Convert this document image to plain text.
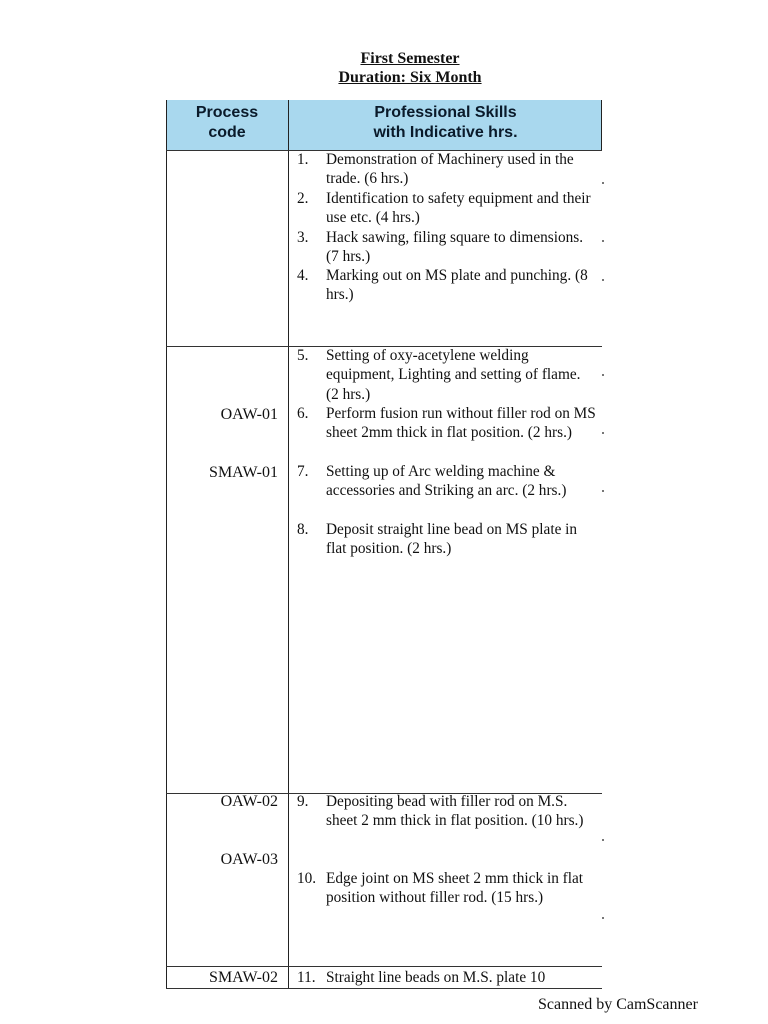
First Semester
Duration: Six Month
Process
code
Professional Skills
with Indicative hrs.
OAW-01
SMAW-01
OAW-02
OAW-03
SMAW-02
1. Demonstration of Machinery used in the trade. (6 hrs.)
2. Identification to safety equipment and their use etc. (4 hrs.)
3. Hack sawing, filing square to dimensions. (7 hrs.)
4. Marking out on MS plate and punching. (8 hrs.)
5. Setting of oxy-acetylene welding equipment, Lighting and setting of flame. (2 hrs.)
6. Perform fusion run without filler rod on MS sheet 2mm thick in flat position. (2 hrs.)
7. Setting up of Arc welding machine & accessories and Striking an arc. (2 hrs.)
8. Deposit straight line bead on MS plate in flat position. (2 hrs.)
9. Depositing bead with filler rod on M.S. sheet 2 mm thick in flat position. (10 hrs.)
10. Edge joint on MS sheet 2 mm thick in flat position without filler rod. (15 hrs.)
11. Straight line beads on M.S. plate 10
Scanned by CamScanner
